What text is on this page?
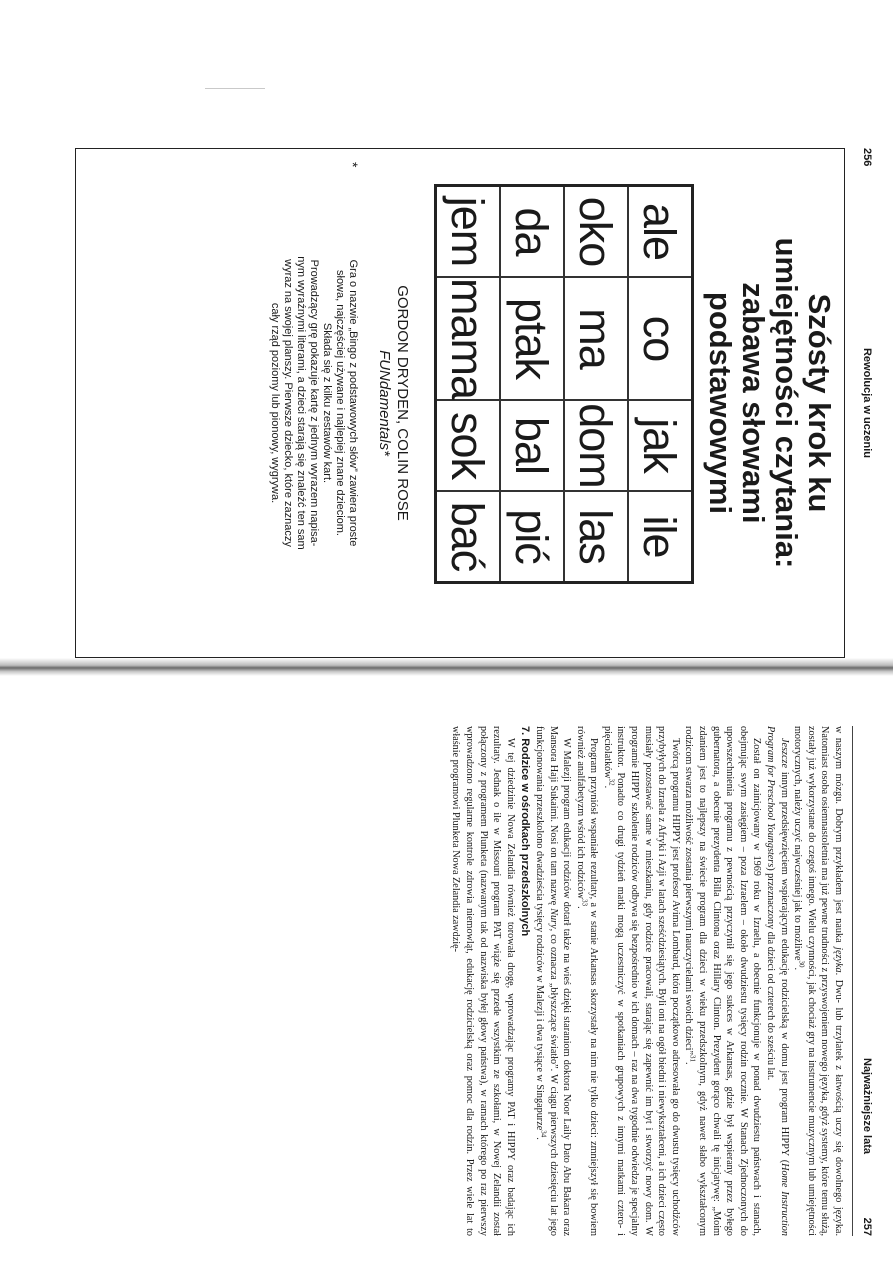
256
Rewolucja w uczeniu
Szósty krok ku
umiejętności czytania:
zabawa słowami
podstawowymi
ale	co	jak	ile
oko	ma	dom	las
da	ptak	bal	pić
jem	mama	sok	bać
GORDON DRYDEN, COLIN ROSE
FUNdamentals*
*

Gra o nazwie „Bingo z podstawowych słów” zawiera proste

słowa, najczęściej używane i najlepiej znane dzieciom.

Składa się z kilku zestawów kart.

Prowadzący grę pokazuje kartę z jednym wyrazem napisa-

nym wyraźnymi literami, a dzieci starają się znaleźć ten sam

wyraz na swojej planszy. Pierwsze dziecko, które zaznaczy

cały rząd poziomy lub pionowy, wygrywa.

Najważniejsze lata
257

w naszym mózgu. Dobrym przykładem jest nauka języka. Dwu- lub trzylatek z łatwością uczy się dowolnego języka. Natomiast osoba osiemnastoletnia ma już pewne trudności z przyswojeniem nowego języka, gdyż systemy, które temu służą, zostały już wykorzystane do czegoś innego. Wielu czynności, jak chociaż gry na instrumencie muzycznym lub umiejętności motorycznych, należy uczyć najwcześniej jak to możliwe$^{30}$.

Jeszcze innym przedsięwzięciem wspierającym edukację rodzicielską w domu jest program HIPPY (Home Instruction Program for Preschool Youngsters) przeznaczony dla dzieci od czterech do sześciu lat.

Został on zainicjowany w 1969 roku w Izraelu, a obecnie funkcjonuje w ponad dwudziestu państwach i stanach, obejmując swym zasięgiem – poza Izraelem – około dwudziestu tysięcy rodzin rocznie. W Stanach Zjednoczonych do upowszechnienia programu z pewnością przyczynił się jego sukces w Arkansas, gdzie był wspierany przez byłego gubernatora, a obecnie prezydenta Billa Clintona oraz Hillary Clinton. Prezydent gorąco chwali tę inicjatywę: „Moim zdaniem jest to najlepszy na świecie program dla dzieci w wieku przedszkolnym, gdyż nawet słabo wykształconym rodzicom stwarza możliwość zostania pierwszymi nauczycielami swoich dzieci”$^{31}$.

Twórcą programu HIPPY jest profesor Avima Lombard, która początkowo adresowała go do dwustu tysięcy uchodźców przybyłych do Izraela z Afryki i Azji w latach sześćdziesiątych. Byli oni na ogół biedni i niewykształceni, a ich dzieci często musiały pozostawać same w mieszkaniu, gdy rodzice pracowali, starając się zapewnić im byt i stworzyć nowy dom. W programie HIPPY szkolenie rodziców odbywa się bezpośrednio w ich domach – raz na dwa tygodnie odwiedza je specjalny instruktor. Ponadto co drugi tydzień matki mogą uczestniczyć w spotkaniach grupowych z innymi matkami cztero- i pięciolatków$^{32}$.

Program przyniósł wspaniałe rezultaty, a w stanie Arkansas skorzystały na nim nie tylko dzieci: zmniejszył się bowiem również analfabetyzm wśród ich rodziców$^{33}$.

W Malezji program edukacji rodziców dotarł także na wieś dzięki staraniom doktora Noor Laily Dato Abu Bakara oraz Mansora Haji Sukaimi. Nosi on tam nazwę Nury, co oznacza „błyszczące światło”. W ciągu pierwszych dziesięciu lat jego funkcjonowania przeszkolono dwadzieścia tysięcy rodziców w Malezji i dwa tysiące w Singapurze$^{34}$.

7. Rodzice w ośrodkach przedszkolnych

W tej dziedzinie Nowa Zelandia również torowała drogę, wprowadzając programy PAT i HIPPY oraz badając ich rezultaty. Jednak o ile w Missouri program PAT wiąże się przede wszystkim ze szkołami, w Nowej Zelandii został połączony z programem Plunketa (nazwanym tak od nazwiska byłej głowy państwa), w ramach którego po raz pierwszy wprowadzono regularne kontrole zdrowia niemowląt, edukację rodzicielską oraz pomoc dla rodzin. Przez wiele lat to właśnie programowi Plunketa Nowa Zelandia zawdzię-
